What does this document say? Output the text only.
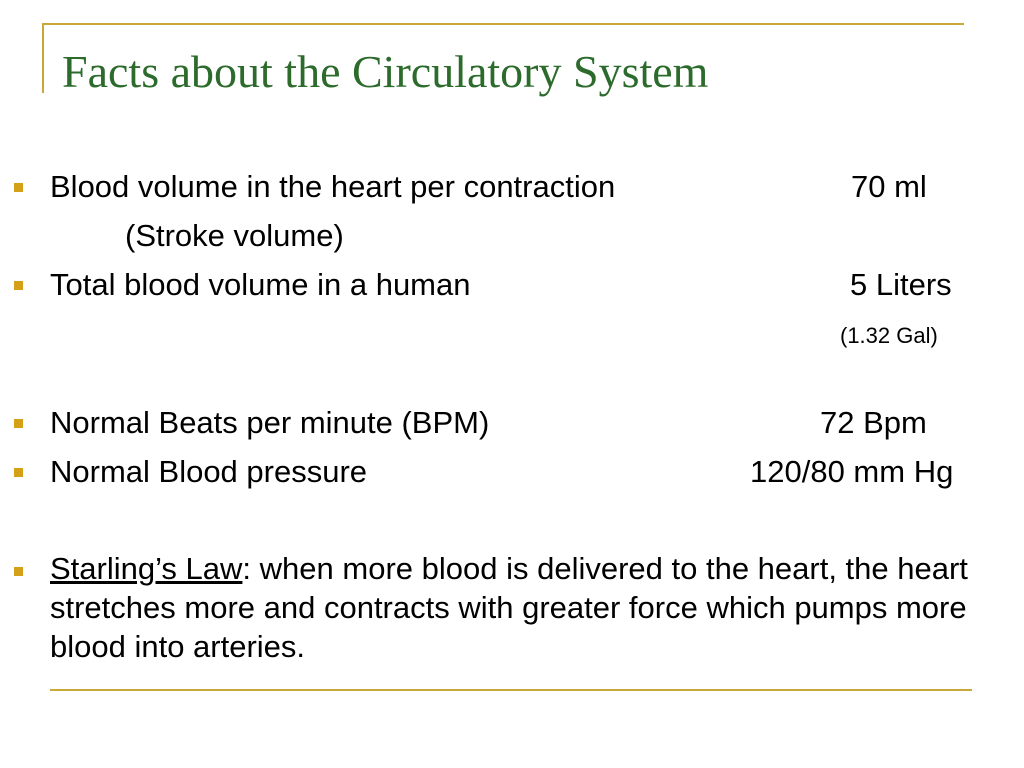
Facts about the Circulatory System

Blood volume in the heart per contraction	70 ml

(Stroke volume)

Total blood volume in a human	5 Liters

(1.32 Gal)

Normal Beats per minute (BPM)	72 Bpm

Normal Blood pressure	120/80 mm Hg

Starling’s Law: when more blood is delivered to the heart, the heart stretches more and contracts with greater force which pumps more blood into arteries.
